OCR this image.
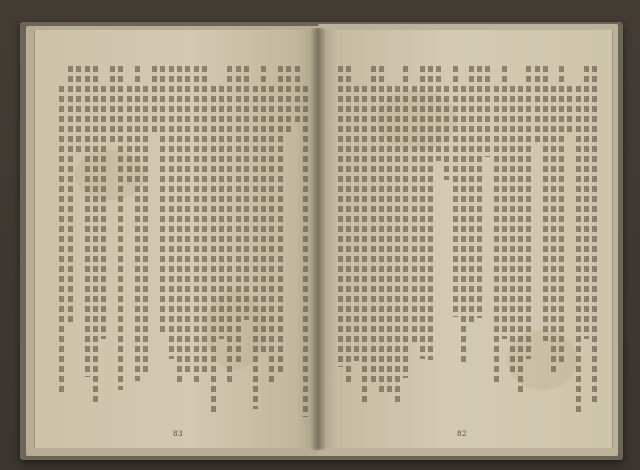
83	82
